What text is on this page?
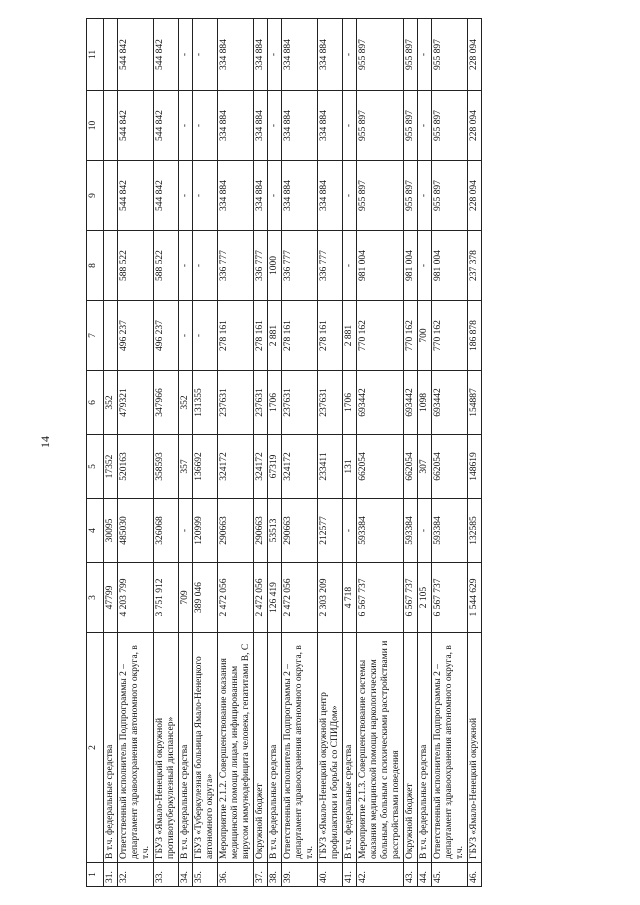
14
1	2	3	4	5	6	7	8	9	10	11
31.	В т.ч. федеральные средства	47799	30095	17352	352					
32.	Ответственный исполнитель Подпрограммы 2 – департамент здравоохранения автономного округа, в т.ч.	4 203 799	485030	520163	479321	496 237	588 522	544 842	544 842	544 842
33.	ГБУЗ «Ямало-Ненецкий окружной противотуберкулезный диспансер»	3 751 912	326068	358593	347966	496 237	588 522	544 842	544 842	544 842
34.	В т.ч. федеральные средства	709	-	357	352	-	-	-	-	-
35.	ГБУЗ «Туберкулезная больница Ямало-Ненецкого автономного округа»	389 046	120999	136692	131355	-	-	-	-	-
36.	Мероприятие 2.1.2. Совершенствование оказания медицинской помощи лицам, инфицированным вирусом иммунодефицита человека, гепатитами В, С	2 472 056	290663	324172	237631	278 161	336 777	334 884	334 884	334 884
37.	Окружной бюджет	2 472 056	290663	324172	237631	278 161	336 777	334 884	334 884	334 884
38.	В т.ч. федеральные средства	126 419	53513	67319	1706	2 881	1000	-	-	-
39.	Ответственный исполнитель Подпрограммы 2 – департамент здравоохранения автономного округа, в т.ч.	2 472 056	290663	324172	237631	278 161	336 777	334 884	334 884	334 884
40.	ГБУЗ «Ямало-Ненецкий окружной центр профилактики и борьбы со СПИДом»	2 303 209	212577	233411	237631	278 161	336 777	334 884	334 884	334 884
41.	В т.ч. федеральные средства	4 718	-	131	1706	2 881	-	-	-	-
42.	Мероприятие 2.1.3. Совершенствование системы оказания медицинской помощи наркологическим больным, больным с психическими расстройствами и расстройствами поведения	6 567 737	593384	662054	693442	770 162	981 004	955 897	955 897	955 897
43.	Окружной бюджет	6 567 737	593384	662054	693442	770 162	981 004	955 897	955 897	955 897
44.	В т.ч. федеральные средства	2 105	-	307	1098	700	-	-	-	-
45.	Ответственный исполнитель Подпрограммы 2 – департамент здравоохранения автономного округа, в т.ч.	6 567 737	593384	662054	693442	770 162	981 004	955 897	955 897	955 897
46.	ГБУЗ «Ямало-Ненецкий окружной	1 544 629	132585	148619	154887	186 878	237 378	228 094	228 094	228 094
